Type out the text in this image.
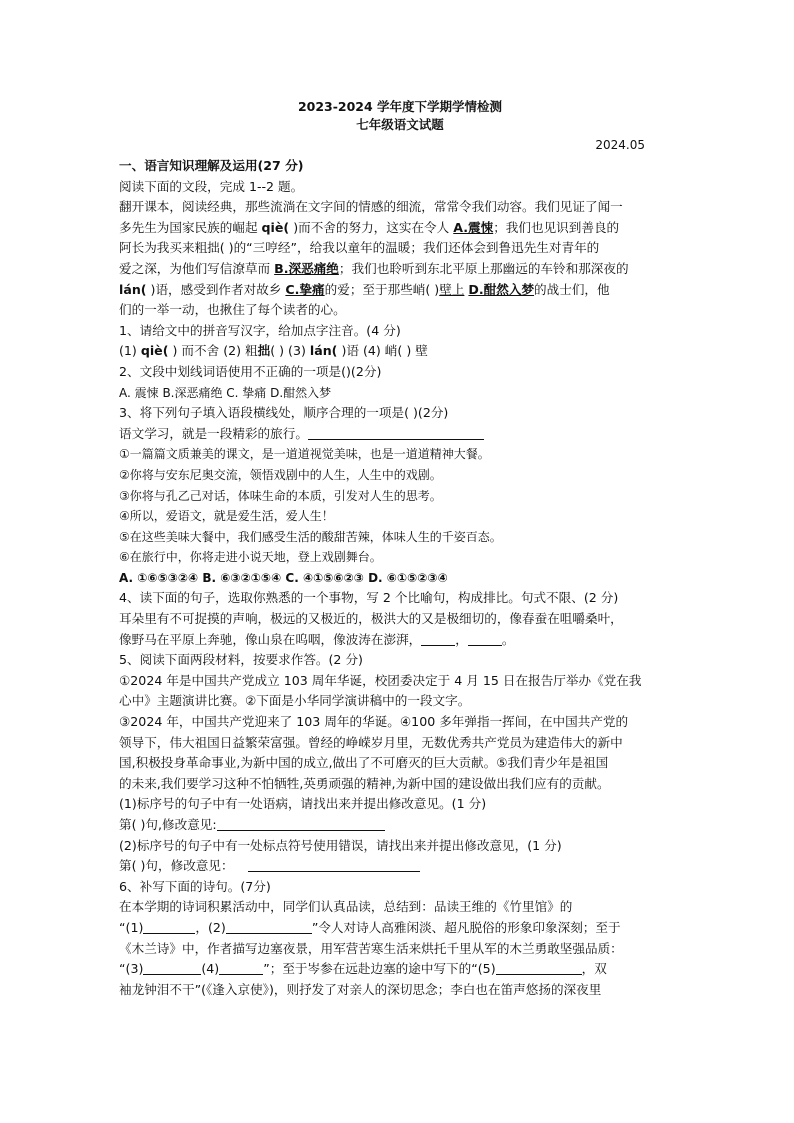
2023-2024 学年度下学期学情检测
七年级语文试题
2024.05
一、语言知识理解及运用(27 分)
阅读下面的文段，完成 1--2 题。
翻开课本，阅读经典，那些流淌在文字间的情感的细流，常常令我们动容。我们见证了闻一
多先生为国家民族的崛起 qiè( )而不舍的努力，这实在令人 A.震悚；我们也见识到善良的
阿长为我买来粗拙( )的“三哼经”，给我以童年的温暖；我们还体会到鲁迅先生对青年的
爱之深，为他们写信潦草而 B.深恶痛绝；我们也聆听到东北平原上那幽远的车铃和那深夜的
lán( )语，感受到作者对故乡 C.挚痛的爱；至于那些峭( )壁上 D.酣然入梦的战士们，他
们的一举一动，也揪住了每个读者的心。
1、请给文中的拼音写汉字，给加点字注音。(4 分)
(1) qiè( ) 而不舍 (2) 粗拙( ) (3) lán( )语 (4) 峭( ) 壁
2、文段中划线词语使用不正确的一项是()(2分)
A. 震悚 B.深恶痛绝 C. 挚痛 D.酣然入梦
3、将下列句子填入语段横线处，顺序合理的一项是( )(2分)
语文学习，就是一段精彩的旅行。
①一篇篇文质兼美的课文，是一道道视觉美味，也是一道道精神大餐。
②你将与安东尼奥交流，领悟戏剧中的人生，人生中的戏剧。
③你将与孔乙己对话，体味生命的本质，引发对人生的思考。
④所以，爱语文，就是爱生活，爱人生！
⑤在这些美味大餐中，我们感受生活的酸甜苦辣，体味人生的千姿百态。
⑥在旅行中，你将走进小说天地，登上戏剧舞台。
A. ①⑥⑤③②④ B. ⑥③②①⑤④ C. ④①⑤⑥②③ D. ⑥①⑤②③④
4、读下面的句子，选取你熟悉的一个事物，写 2 个比喻句，构成排比。句式不限、(2 分)
耳朵里有不可捉摸的声响，极远的又极近的，极洪大的又是极细切的，像春蚕在咀嚼桑叶，
像野马在平原上奔驰，像山泉在呜咽，像波涛在澎湃，	，	。
5、阅读下面两段材料，按要求作答。(2 分)
①2024 年是中国共产党成立 103 周年华诞，校团委决定于 4 月 15 日在报告厅举办《党在我
心中》主题演讲比赛。②下面是小华同学演讲稿中的一段文字。
③2024 年，中国共产党迎来了 103 周年的华诞。④100 多年弹指一挥间，在中国共产党的
领导下，伟大祖国日益繁荣富强。曾经的峥嵘岁月里，无数优秀共产党员为建造伟大的新中
国,积极投身革命事业,为新中国的成立,做出了不可磨灭的巨大贡献。⑤我们青少年是祖国
的未来,我们要学习这种不怕牺牲,英勇顽强的精神,为新中国的建设做出我们应有的贡献。
(1)标序号的句子中有一处语病，请找出来并提出修改意见。(1 分)
第( )句,修改意见:
(2)标序号的句子中有一处标点符号使用错误，请找出来并提出修改意见，(1 分)
第( )句，修改意见：
6、补写下面的诗句。(7分)
在本学期的诗词积累活动中，同学们认真品读，总结到：品读王维的《竹里馆》的
“(1)	，(2)	”令人对诗人高雅闲淡、超凡脱俗的形象印象深刻；至于
《木兰诗》中，作者描写边塞夜景，用军营苦寒生活来烘托千里从军的木兰勇敢坚强品质：
“(3)	(4)	”；至于岑参在远赴边塞的途中写下的“(5)	，双
袖龙钟泪不干”(《逢入京使》)，则抒发了对亲人的深切思念；李白也在笛声悠扬的深夜里
